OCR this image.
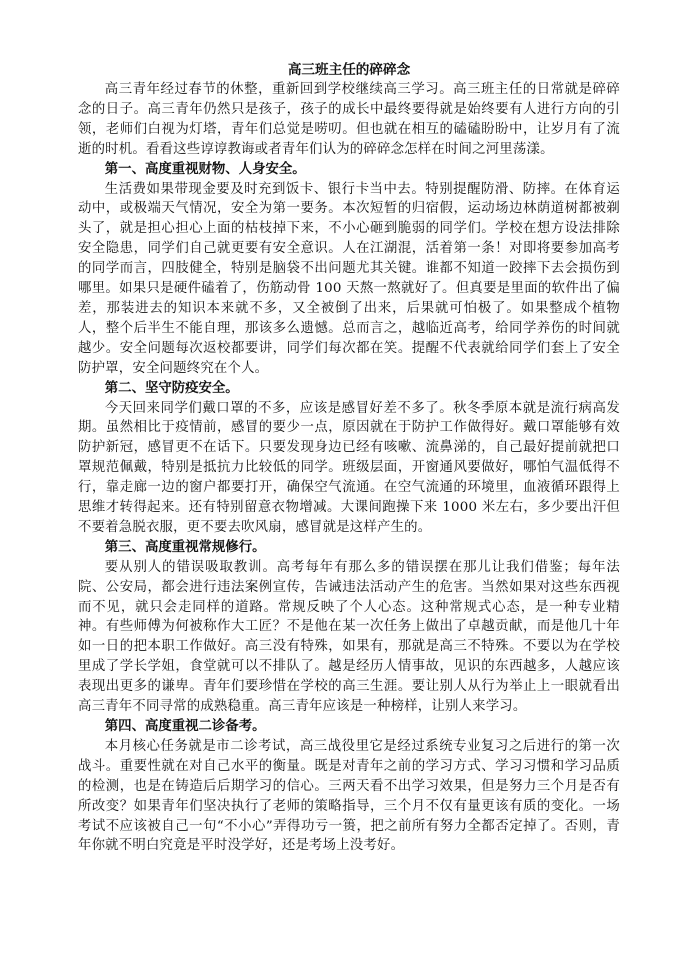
高三班主任的碎碎念

高三青年经过春节的休整，重新回到学校继续高三学习。高三班主任的日常就是碎碎念的日子。高三青年仍然只是孩子，孩子的成长中最终要得就是始终要有人进行方向的引领，老师们白视为灯塔，青年们总觉是唠叨。但也就在相互的磕磕盼盼中，让岁月有了流逝的时机。看看这些谆谆教诲或者青年们认为的碎碎念怎样在时间之河里荡漾。

第一、高度重视财物、人身安全。

生活费如果带现金要及时充到饭卡、银行卡当中去。特别提醒防滑、防摔。在体育运动中，或极端天气情况，安全为第一要务。本次短暂的归宿假，运动场边林荫道树都被剃头了，就是担心担心上面的枯枝掉下来，不小心砸到脆弱的同学们。学校在想方设法排除安全隐患，同学们自己就更要有安全意识。人在江湖混，活着第一条！对即将要参加高考的同学而言，四肢健全，特别是脑袋不出问题尤其关键。谁都不知道一跤摔下去会损伤到哪里。如果只是硬件磕着了，伤筋动骨 100 天熬一熬就好了。但真要是里面的软件出了偏差，那装进去的知识本来就不多，又全被倒了出来，后果就可怕极了。如果整成个植物人，整个后半生不能自理，那该多么遗憾。总而言之，越临近高考，给同学养伤的时间就越少。安全问题每次返校都要讲，同学们每次都在笑。提醒不代表就给同学们套上了安全防护罩，安全问题终究在个人。

第二、坚守防疫安全。

今天回来同学们戴口罩的不多，应该是感冒好差不多了。秋冬季原本就是流行病高发期。虽然相比于疫情前，感冒的要少一点，原因就在于防护工作做得好。戴口罩能够有效防护新冠，感冒更不在话下。只要发现身边已经有咳嗽、流鼻涕的，自己最好提前就把口罩规范佩戴，特别是抵抗力比较低的同学。班级层面，开窗通风要做好，哪怕气温低得不行，靠走廊一边的窗户都要打开，确保空气流通。在空气流通的环境里，血液循环跟得上思维才转得起来。还有特别留意衣物增减。大课间跑操下来 1000 米左右，多少要出汗但不要着急脱衣服，更不要去吹风扇，感冒就是这样产生的。

第三、高度重视常规修行。

要从别人的错误吸取教训。高考每年有那么多的错误摆在那儿让我们借鉴；每年法院、公安局，都会进行违法案例宣传，告诫违法活动产生的危害。当然如果对这些东西视而不见，就只会走同样的道路。常规反映了个人心态。这种常规式心态，是一种专业精神。有些师傅为何被称作大工匠？不是他在某一次任务上做出了卓越贡献，而是他几十年如一日的把本职工作做好。高三没有特殊，如果有，那就是高三不特殊。不要以为在学校里成了学长学姐，食堂就可以不排队了。越是经历人情事故，见识的东西越多，人越应该表现出更多的谦卑。青年们要珍惜在学校的高三生涯。要让别人从行为举止上一眼就看出高三青年不同寻常的成熟稳重。高三青年应该是一种榜样，让别人来学习。

第四、高度重视二诊备考。

本月核心任务就是市二诊考试，高三战役里它是经过系统专业复习之后进行的第一次战斗。重要性就在对自己水平的衡量。既是对青年之前的学习方式、学习习惯和学习品质的检测，也是在铸造后后期学习的信心。三两天看不出学习效果，但是努力三个月是否有所改变？如果青年们坚决执行了老师的策略指导，三个月不仅有量更该有质的变化。一场考试不应该被自己一句“不小心”弄得功亏一篑，把之前所有努力全都否定掉了。否则，青年你就不明白究竟是平时没学好，还是考场上没考好。
